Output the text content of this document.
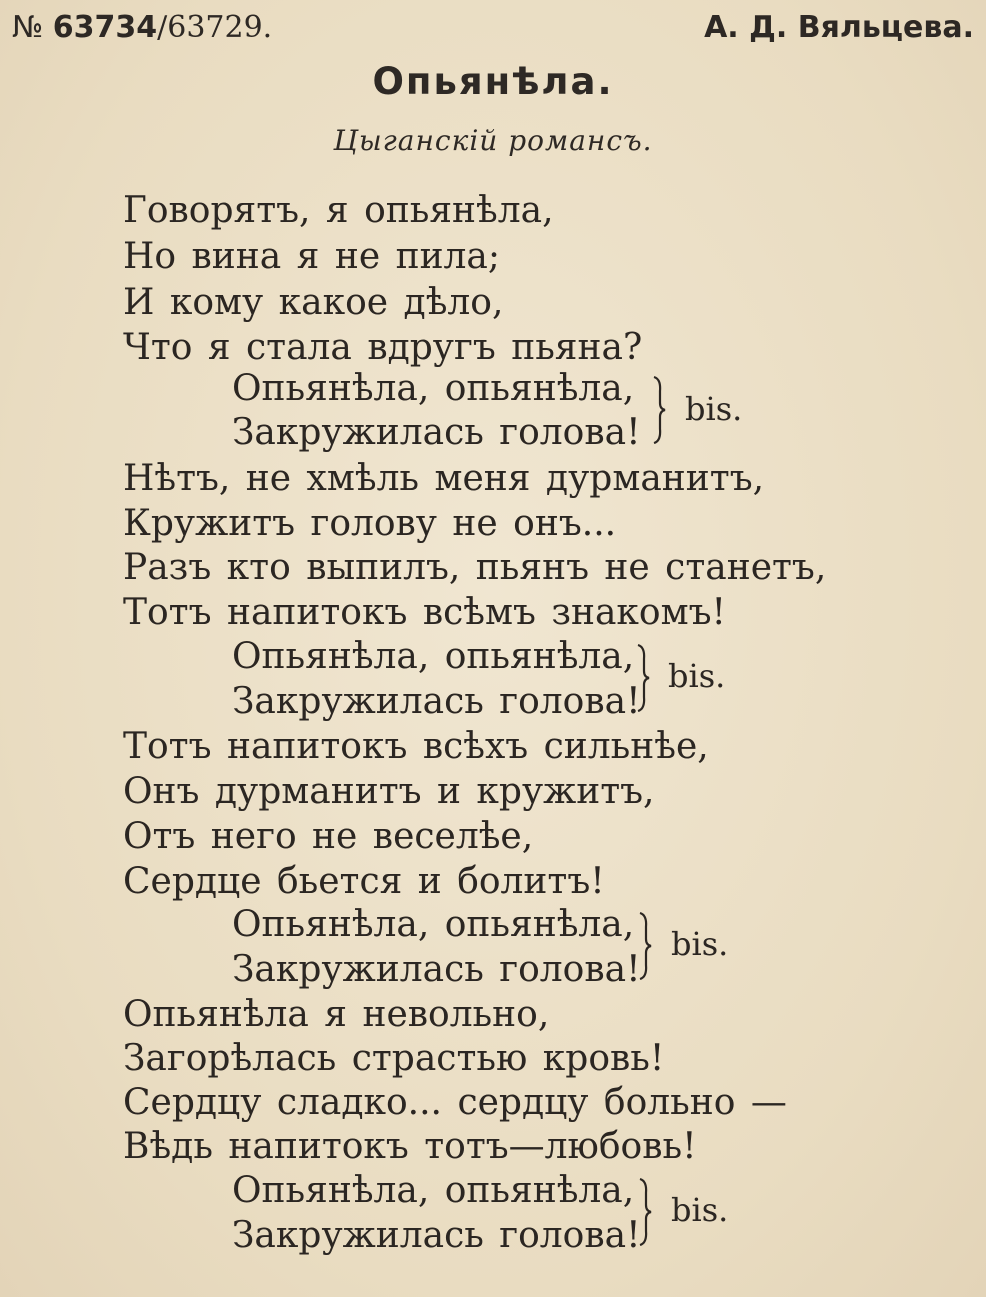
№ 63734/63729.	А. Д. Вяльцева.
Опьянѣла.
Цыганскій романсъ.
Говорятъ, я опьянѣла,
Но вина я не пила;
И кому какое дѣло,
Что я стала вдругъ пьяна?
Опьянѣла, опьянѣла,
Закружилась голова!
bis.
Нѣтъ, не хмѣль меня дурманитъ,
Кружитъ голову не онъ...
Разъ кто выпилъ, пьянъ не станетъ,
Тотъ напитокъ всѣмъ знакомъ!
Опьянѣла, опьянѣла,
Закружилась голова!
bis.
Тотъ напитокъ всѣхъ сильнѣе,
Онъ дурманитъ и кружитъ,
Отъ него не веселѣе,
Сердце бьется и болитъ!
Опьянѣла, опьянѣла,
Закружилась голова!
bis.
Опьянѣла я невольно,
Загорѣлась страстью кровь!
Сердцу сладко... сердцу больно —
Вѣдь напитокъ тотъ—любовь!
Опьянѣла, опьянѣла,
Закружилась голова!
bis.
